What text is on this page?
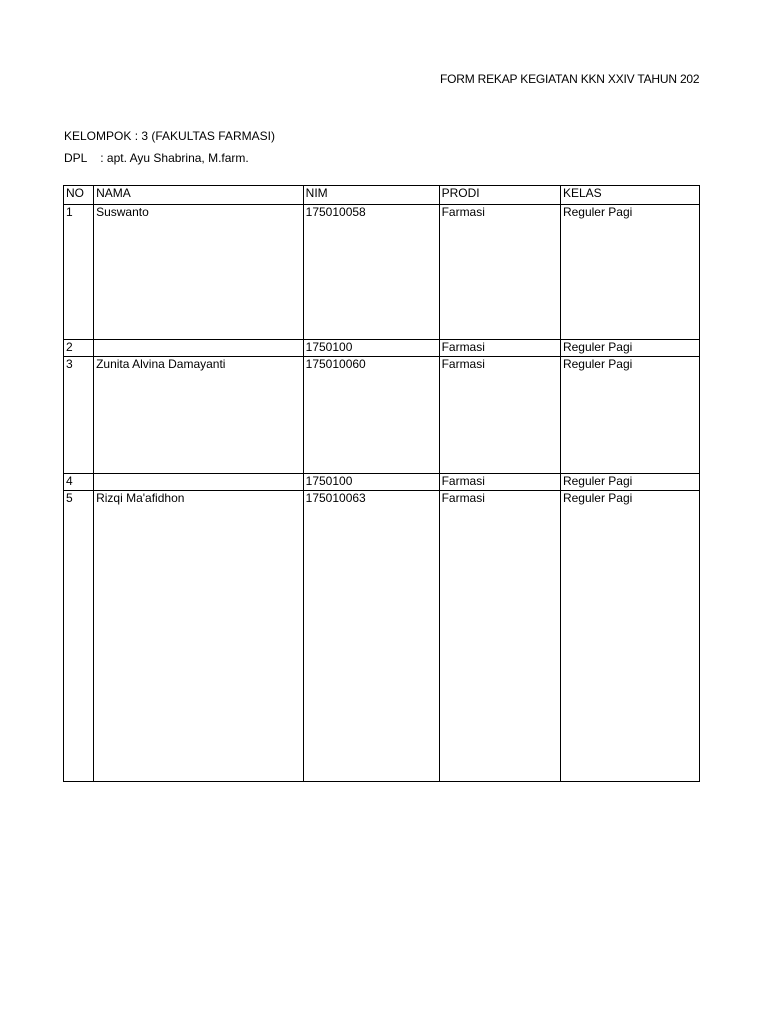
FORM REKAP KEGIATAN KKN XXIV TAHUN 202
KELOMPOK : 3 (FAKULTAS FARMASI)
DPL    : apt. Ayu Shabrina, M.farm.
NO	NAMA	NIM	PRODI	KELAS
1	Suswanto	175010058	Farmasi	Reguler Pagi
2		1750100	Farmasi	Reguler Pagi
3	Zunita Alvina Damayanti	175010060	Farmasi	Reguler Pagi
4		1750100	Farmasi	Reguler Pagi
5	Rizqi Ma'afidhon	175010063	Farmasi	Reguler Pagi
